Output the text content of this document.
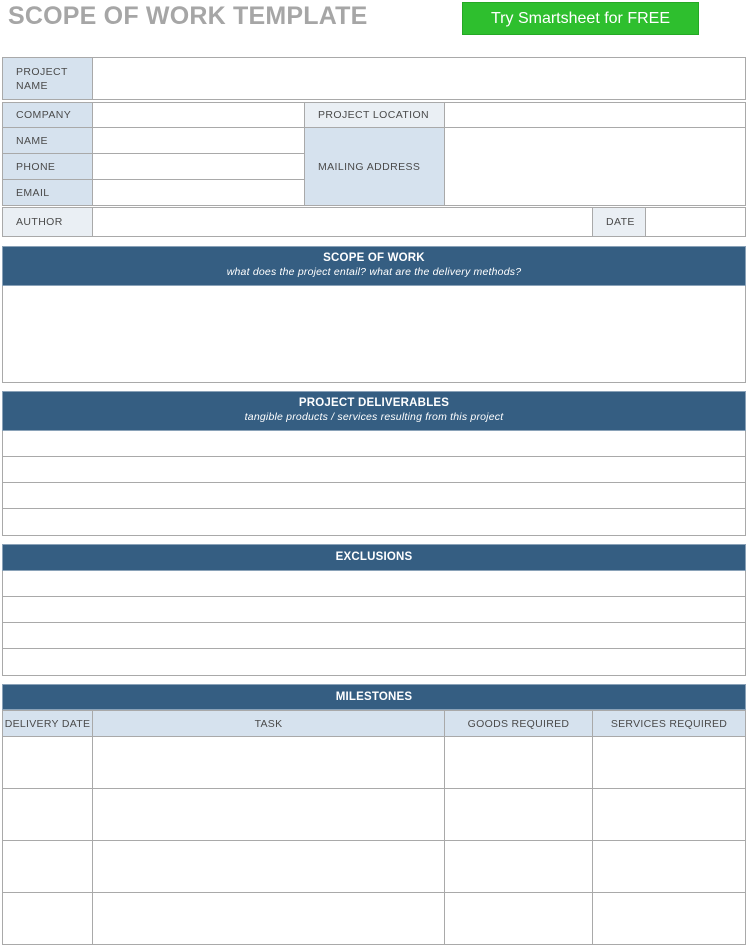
SCOPE OF WORK TEMPLATE	Try Smartsheet for FREE
PROJECT
NAME
COMPANY	PROJECT LOCATION
NAME
MAILING ADDRESS
PHONE
EMAIL
AUTHOR	DATE
SCOPE OF WORK
what does the project entail? what are the delivery methods?
PROJECT DELIVERABLES
tangible products / services resulting from this project
EXCLUSIONS
MILESTONES
DELIVERY DATE	TASK	GOODS REQUIRED	SERVICES REQUIRED
